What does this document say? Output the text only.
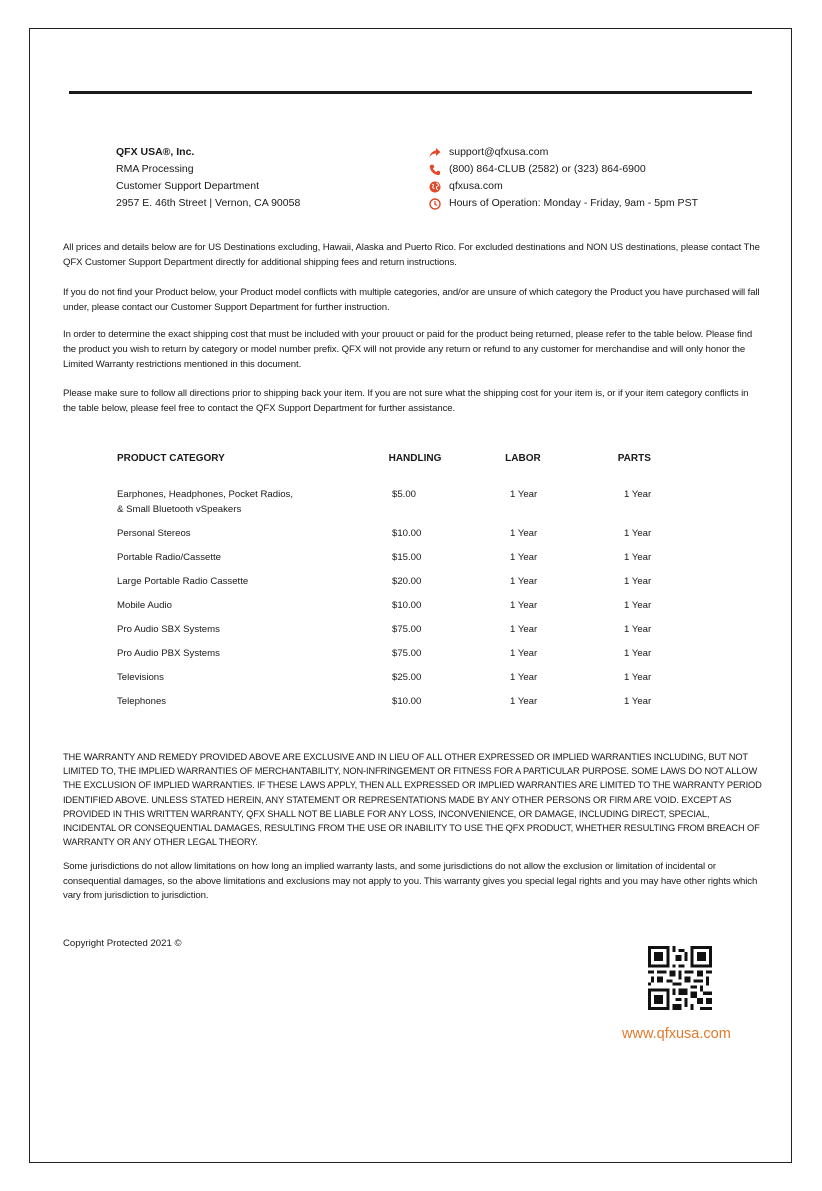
QFX USA®, Inc.
RMA Processing
Customer Support Department
2957 E. 46th Street | Vernon, CA 90058
support@qfxusa.com
(800) 864-CLUB (2582) or (323) 864-6900
qfxusa.com
Hours of Operation: Monday - Friday, 9am - 5pm PST

All prices and details below are for US Destinations excluding, Hawaii, Alaska and Puerto Rico. For excluded destinations and NON US destinations, please contact The QFX Customer Support Department directly for additional shipping fees and return instructions.

If you do not find your Product below, your Product model conflicts with multiple categories, and/or are unsure of which category the Product you have purchased will fall under, please contact our Customer Support Department for further instruction.

In order to determine the exact shipping cost that must be included with your prouuct or paid for the product being returned, please refer to the table below. Please find the product you wish to return by category or model number prefix. QFX will not provide any return or refund to any customer for merchandise and will only honor the Limited Warranty restrictions mentioned in this document.

Please make sure to follow all directions prior to shipping back your item. If you are not sure what the shipping cost for your item is, or if your item category conflicts in the table below, please feel free to contact the QFX Support Department for further assistance.

PRODUCT CATEGORY	HANDLING	LABOR	PARTS
Earphones, Headphones, Pocket Radios,
& Small Bluetooth vSpeakers
$5.00	1 Year	1 Year
Personal Stereos	$10.00	1 Year	1 Year
Portable Radio/Cassette	$15.00	1 Year	1 Year
Large Portable Radio Cassette	$20.00	1 Year	1 Year
Mobile Audio	$10.00	1 Year	1 Year
Pro Audio SBX Systems	$75.00	1 Year	1 Year
Pro Audio PBX Systems	$75.00	1 Year	1 Year
Televisions	$25.00	1 Year	1 Year
Telephones	$10.00	1 Year	1 Year

THE WARRANTY AND REMEDY PROVIDED ABOVE ARE EXCLUSIVE AND IN LIEU OF ALL OTHER EXPRESSED OR IMPLIED WARRANTIES INCLUDING, BUT NOT LIMITED TO, THE IMPLIED WARRANTIES OF MERCHANTABILITY, NON-INFRINGEMENT OR FITNESS FOR A PARTICULAR PURPOSE. SOME LAWS DO NOT ALLOW THE EXCLUSION OF IMPLIED WARRANTIES. IF THESE LAWS APPLY, THEN ALL EXPRESSED OR IMPLIED WARRANTIES ARE LIMITED TO THE WARRANTY PERIOD IDENTIFIED ABOVE. UNLESS STATED HEREIN, ANY STATEMENT OR REPRESENTATIONS MADE BY ANY OTHER PERSONS OR FIRM ARE VOID. EXCEPT AS PROVIDED IN THIS WRITTEN WARRANTY, QFX SHALL NOT BE LIABLE FOR ANY LOSS, INCONVENIENCE, OR DAMAGE, INCLUDING DIRECT, SPECIAL, INCIDENTAL OR CONSEQUENTIAL DAMAGES, RESULTING FROM THE USE OR INABILITY TO USE THE QFX PRODUCT, WHETHER RESULTING FROM BREACH OF WARRANTY OR ANY OTHER LEGAL THEORY.

Some jurisdictions do not allow limitations on how long an implied warranty lasts, and some jurisdictions do not allow the exclusion or limitation of incidental or consequential damages, so the above limitations and exclusions may not apply to you. This warranty gives you special legal rights and you may have other rights which vary from jurisdiction to jurisdiction.

Copyright Protected 2021 ©
www.qfxusa.com
